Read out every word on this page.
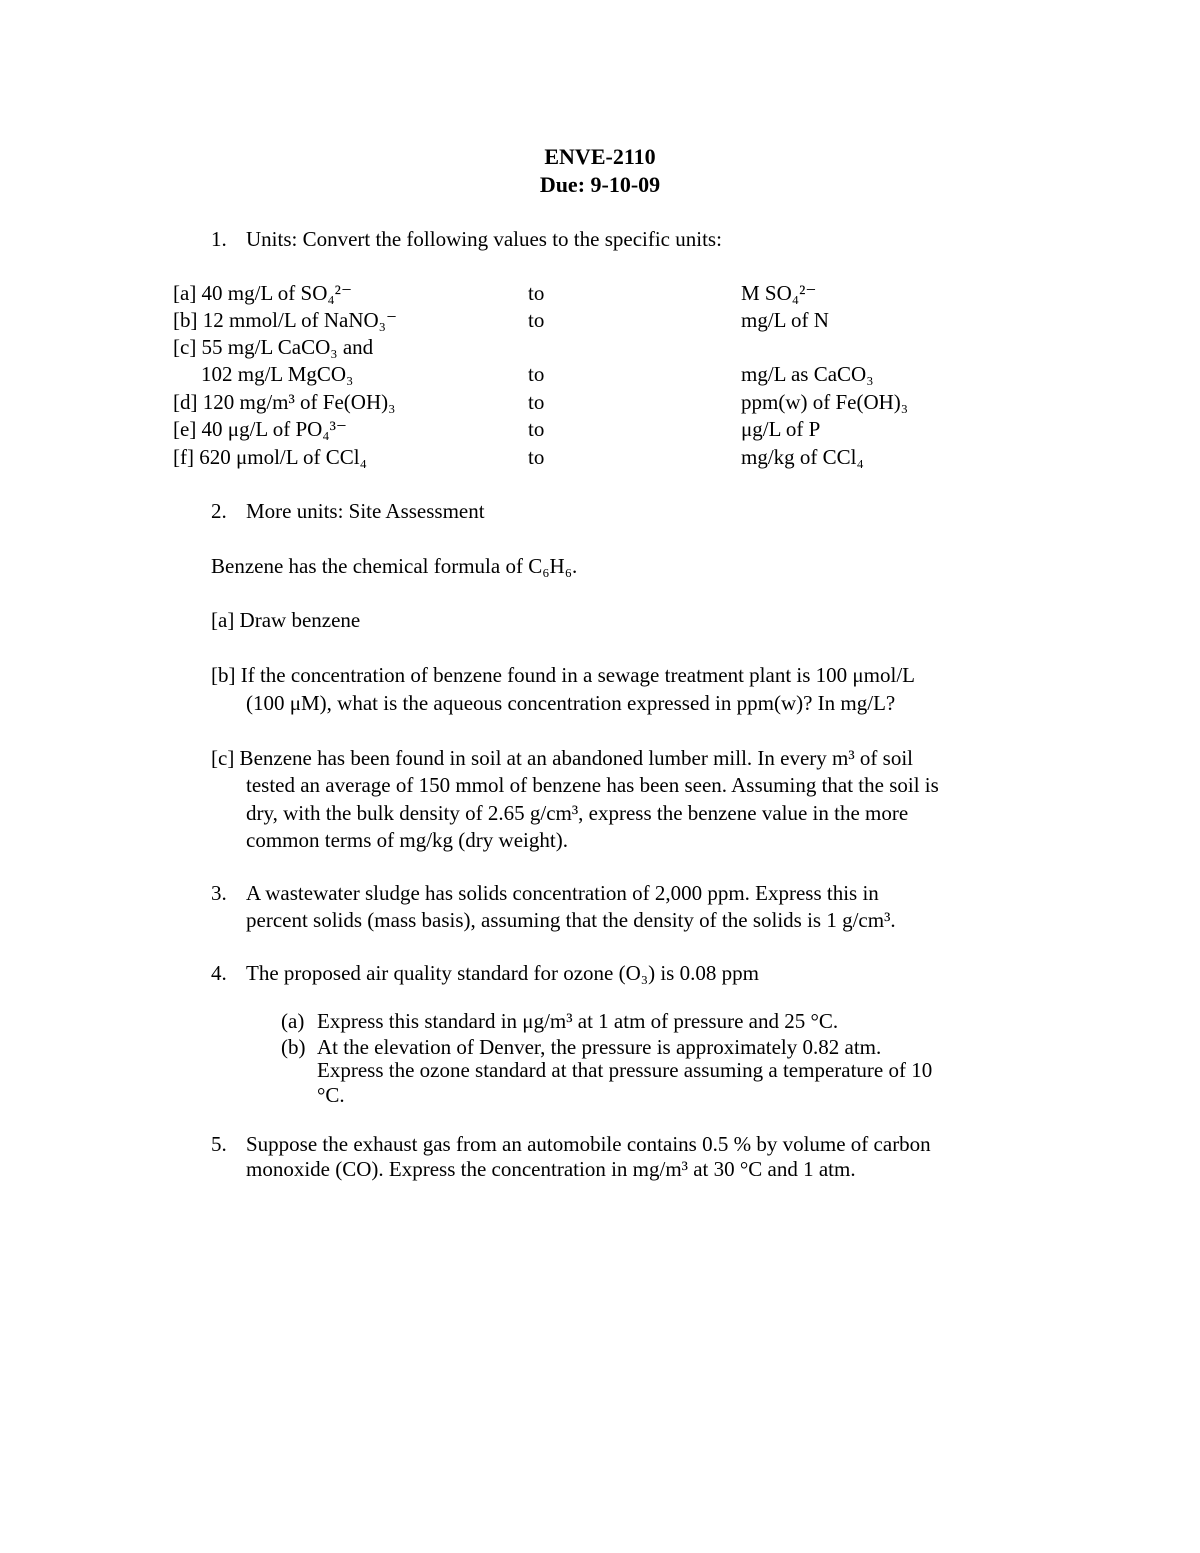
ENVE-2110
Due: 9-10-09
1. Units: Convert the following values to the specific units:
[a] 40 mg/L of SO₄²⁻	to	M SO₄²⁻
[b] 12 mmol/L of NaNO₃⁻	to	mg/L of N
[c] 55 mg/L CaCO₃ and
102 mg/L MgCO₃	to	mg/L as CaCO₃
[d] 120 mg/m³ of Fe(OH)₃	to	ppm(w) of Fe(OH)₃
[e] 40 μg/L of PO₄³⁻	to	μg/L of P
[f] 620 μmol/L of CCl₄	to	mg/kg of CCl₄
2. More units: Site Assessment
Benzene has the chemical formula of C₆H₆.
[a] Draw benzene
[b] If the concentration of benzene found in a sewage treatment plant is 100 μmol/L
(100 μM), what is the aqueous concentration expressed in ppm(w)? In mg/L?
[c] Benzene has been found in soil at an abandoned lumber mill. In every m³ of soil
tested an average of 150 mmol of benzene has been seen. Assuming that the soil is
dry, with the bulk density of 2.65 g/cm³, express the benzene value in the more
common terms of mg/kg (dry weight).
3. A wastewater sludge has solids concentration of 2,000 ppm. Express this in
percent solids (mass basis), assuming that the density of the solids is 1 g/cm³.
4. The proposed air quality standard for ozone (O₃) is 0.08 ppm
(a) Express this standard in μg/m³ at 1 atm of pressure and 25 °C.
(b) At the elevation of Denver, the pressure is approximately 0.82 atm.
Express the ozone standard at that pressure assuming a temperature of 10
°C.
5. Suppose the exhaust gas from an automobile contains 0.5 % by volume of carbon
monoxide (CO). Express the concentration in mg/m³ at 30 °C and 1 atm.
